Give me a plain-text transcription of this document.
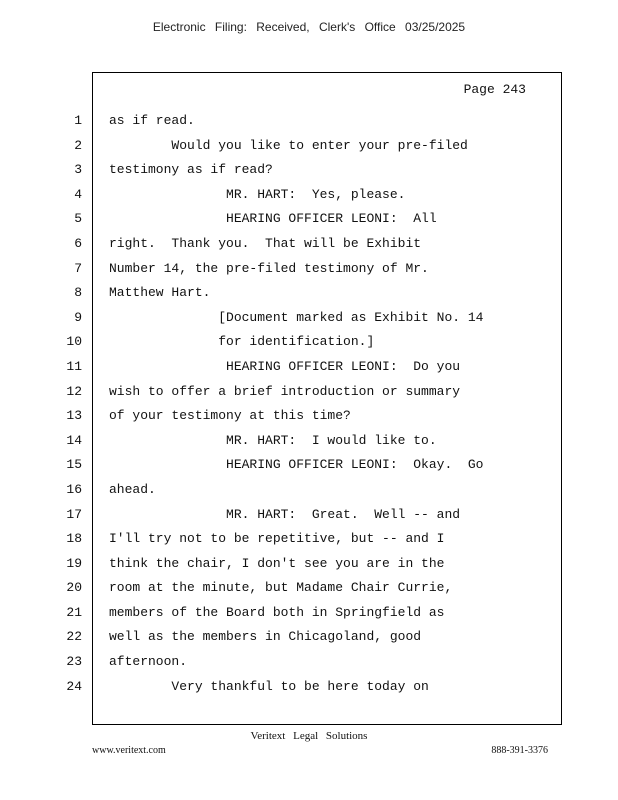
Electronic Filing: Received, Clerk's Office 03/25/2025
Page 243
1
2
3
4
5
6
7
8
9
10
11
12
13
14
15
16
17
18
19
20
21
22
23
24
as if read.
Would you like to enter your pre-filed
testimony as if read?
MR. HART:  Yes, please.
HEARING OFFICER LEONI:  All
right.  Thank you.  That will be Exhibit
Number 14, the pre-filed testimony of Mr.
Matthew Hart.
[Document marked as Exhibit No. 14
for identification.]
HEARING OFFICER LEONI:  Do you
wish to offer a brief introduction or summary
of your testimony at this time?
MR. HART:  I would like to.
HEARING OFFICER LEONI:  Okay.  Go
ahead.
MR. HART:  Great.  Well -- and
I'll try not to be repetitive, but -- and I
think the chair, I don't see you are in the
room at the minute, but Madame Chair Currie,
members of the Board both in Springfield as
well as the members in Chicagoland, good
afternoon.
Very thankful to be here today on
Veritext Legal Solutions
www.veritext.com	888-391-3376
